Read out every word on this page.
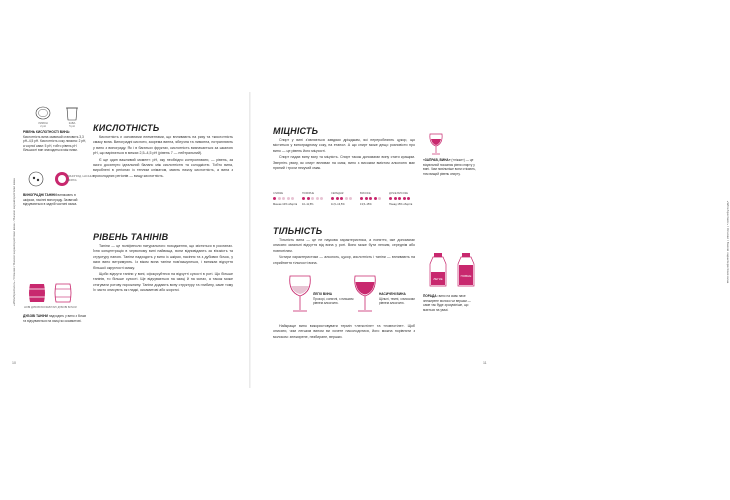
«WineSpectator» / Основи / Базові характеристики вина: / Базові характеристики вина
ЛИМОН
2 pH
КАВА
5 pH
РІВЕНЬ КИСЛОТНОСТІ ВИНА: Кислотність вина зазвичай становить 3,3 рН–4,5 рН. Кислотність соку лимона: 2 рН, а чорної кави: 5 рН, тобто рівень рН більшості вин знаходиться між ними.
ВИНОГРАД, НАСІННЯ
ШКІРКА
ВИНОГРАДНІ ТАНІНИ виникають в шкірках, насінні винограду. Зазвичай відчуваються в задній частині язика.
НОВІ ДУБОВІ БОЧКИ СТАРІ ДУБОВІ БОЧКИ
ДУБОВІ ТАНІНИ надходять у вино з бочки та відчуваються на язиці як оксамитові.
КИСЛОТНІСТЬ

Кислотність є основними елементами, що впливають на ризу та «кислотність смаку вина. Виноградні кислоти, зокрема винна, яблучна та лимонна, потрапляють у вино з винограду. Як і в багатьох фруктах, кислотність визначається за шкалою pH, що варіюється в межах 2,5–4,5 pH (рівень 7 — нейтральний).

Є ще один важливий момент: рН, яку необхідно контролювати, — рівень, за якого досягнуто ідеальний баланс між кислотністю та солодкістю. Тобто вина, вироблені в регіонах із теплим кліматом, мають нижчу кислотність, а вина з прохолодних регіонів — вищу кислотність.

РІВЕНЬ ТАНІНІВ

Таніни — це поліфеноли натурального походження, що містяться в рослинах. Їхня концентрація в червоному вині найвища, вони відповідають за в'язкість та структуру напою. Таніни надходять у вино із шкірки, насіння та з дубових бочок, у яких вино витримують. Із віком вина таніни пом'якшуються, і виникає відчуття більшої округлості смаку.

Щоби відчути таніни у вині, сфокусуйтеся на відчутті сухості в роті. Що більше танінів, то більше сухості. Ще відчувається на язиці й на яснах, а також може стягувати ротову порожнину. Таніни додають вину структуру та глибину, саме тому їх часто описують як гладкі, оксамитові або жорсткі.

10
МІЦНІСТЬ

Спирт у вині з'являється завдяки дріжджам, які переробляють цукор, що міститься у виноградному соку, на етанол. А що спирт може дещо розповісти про вино — це рівень його міцності.

Спирт надає вину вагу та міцність. Спирт також допомагає вину стати кращим. Зверніть увагу, як спирт впливає на смак, вино з високим вмістом алкоголю має пряний і трохи пекучий смак.

СЛАБКЕ
Менше 10% обертів
ПОМІРНЕ
10–11,5%
СЕРЕДНЄ
11,5–13,5%
ВИСОКЕ
13,5–15%
ДУЖЕ ВИСОКЕ
Понад 15% обертів
ТІЛЬНІСТЬ

Тільність вина — це не наукова характеристика, а поняття, яке допомагає описати загальні відчуття від вина у роті. Вино може бути легким, середнім або повнотілим.

Чотири характеристики — алкоголь, цукор, кислотність і таніни — впливають на сприйняття тільності вина.

ЛЕГКІ ВИНА
Прозорі, сонячні, з низьким рівнем алкоголю.
НАСИЧЕНІ ВИНА
Щільні, темні, з високим рівнем алкоголю.

Найкраще вино використовувати термін «легкотіле» та «повнотіле». Щоб описати, чим легшим вином ви хочете насолодитися, його можна порівняти з молоком: знежирене, незбиране, вершки.

«ЗАПРАВ, ВИНА» («ніжки») — це візуальний показник рівня спирту у вині. Чим повільніше вони стікають, тим вищий рівень спирту.
ЛЕГКЕ
ПОВНЕ
ПОРАДА: вино на смак наче знежирене молоко чи вершки — саме так буде зрозуміліше, що мається на увазі.
«WineSpectator» / Основи / Базові характеристики вина
11
